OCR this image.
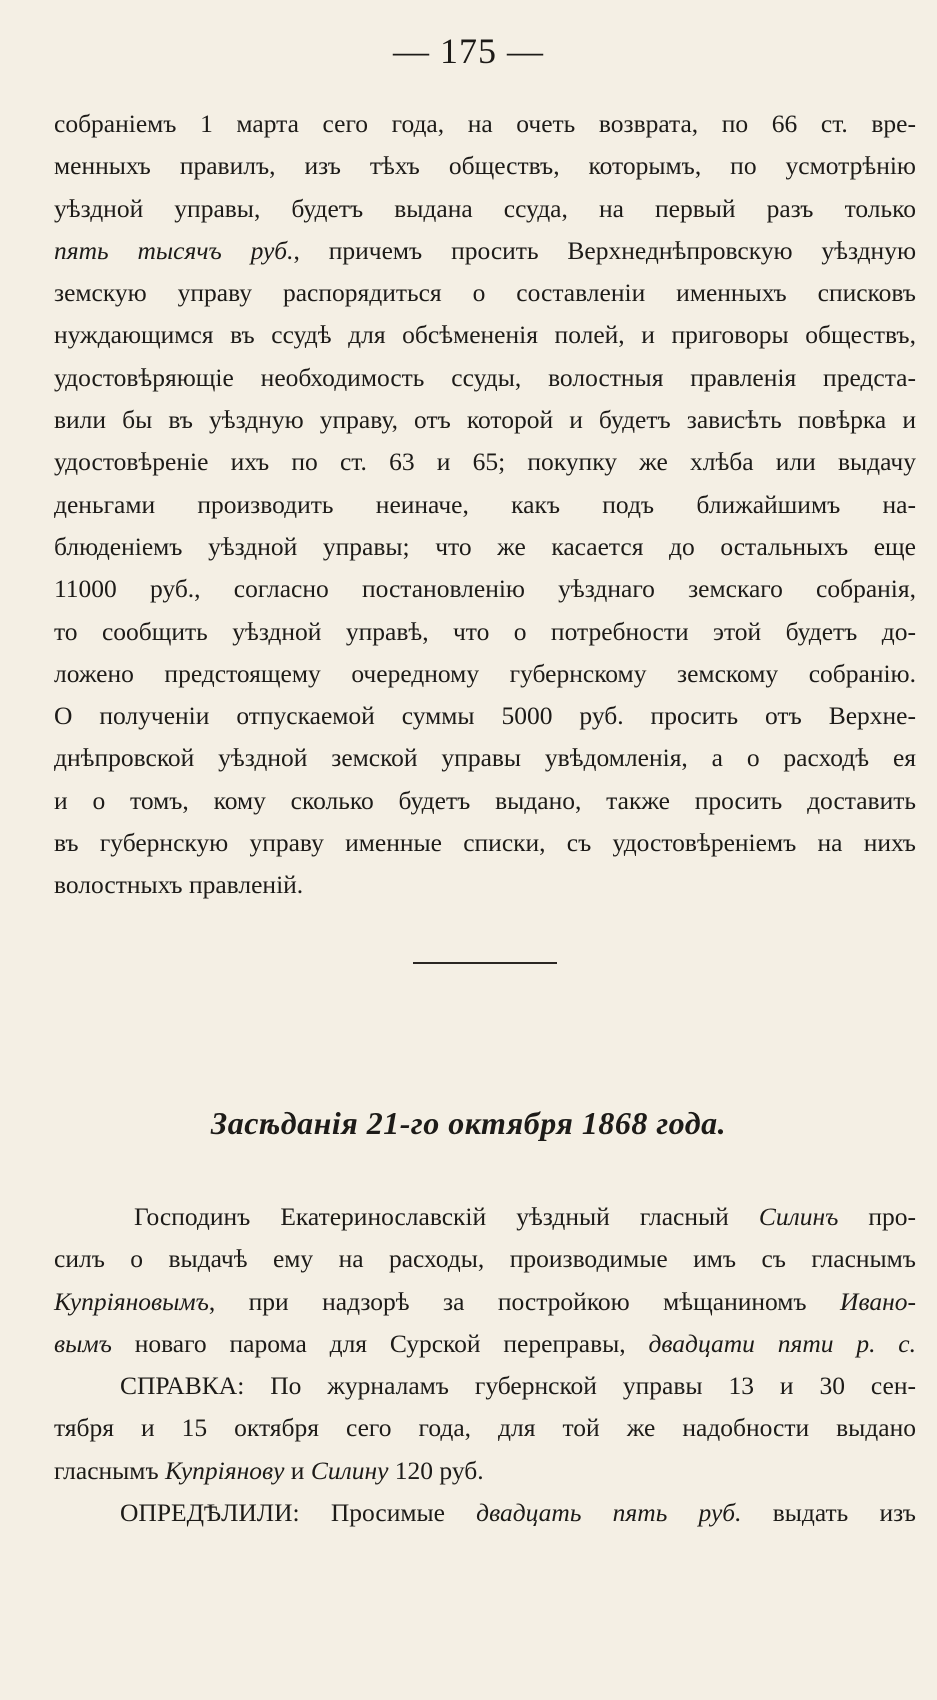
— 175 —
собраніемъ 1 марта сего года, на очеть возврата, по 66 ст. вре-
менныхъ правилъ, изъ тѣхъ обществъ, которымъ, по усмотрѣнію
уѣздной управы, будетъ выдана ссуда, на первый разъ только
пять тысячъ руб., причемъ просить Верхнеднѣпровскую уѣздную
земскую управу распорядиться о составленіи именныхъ списковъ
нуждающимся въ ссудѣ для обсѣмененія полей, и приговоры обществъ,
удостовѣряющіе необходимость ссуды, волостныя правленія предста-
вили бы въ уѣздную управу, отъ которой и будетъ зависѣть повѣрка и
удостовѣреніе ихъ по ст. 63 и 65; покупку же хлѣба или выдачу
деньгами производить неиначе, какъ подъ ближайшимъ на-
блюденіемъ уѣздной управы; что же касается до остальныхъ еще
11000 руб., согласно постановленію уѣзднаго земскаго собранія,
то сообщить уѣздной управѣ, что о потребности этой будетъ до-
ложено предстоящему очередному губернскому земскому собранію.
О полученіи отпускаемой суммы 5000 руб. просить отъ Верхне-
днѣпровской уѣздной земской управы увѣдомленія, а о расходѣ ея
и о томъ, кому сколько будетъ выдано, также просить доставить
въ губернскую управу именные списки, съ удостовѣреніемъ на нихъ
волостныхъ правленій.
Засѣданія 21-го октября 1868 года.
Господинъ Екатеринославскій уѣздный гласный Силинъ про-
силъ о выдачѣ ему на расходы, производимые имъ съ гласнымъ
Купріяновымъ, при надзорѣ за постройкою мѣщаниномъ Ивано-
вымъ новаго парома для Сурской переправы, двадцати пяти р. с.
СПРАВКА: По журналамъ губернской управы 13 и 30 сен-
тября и 15 октября сего года, для той же надобности выдано
гласнымъ Купріянову и Силину 120 руб.
ОПРЕДѢЛИЛИ: Просимые двадцать пять руб. выдать изъ
